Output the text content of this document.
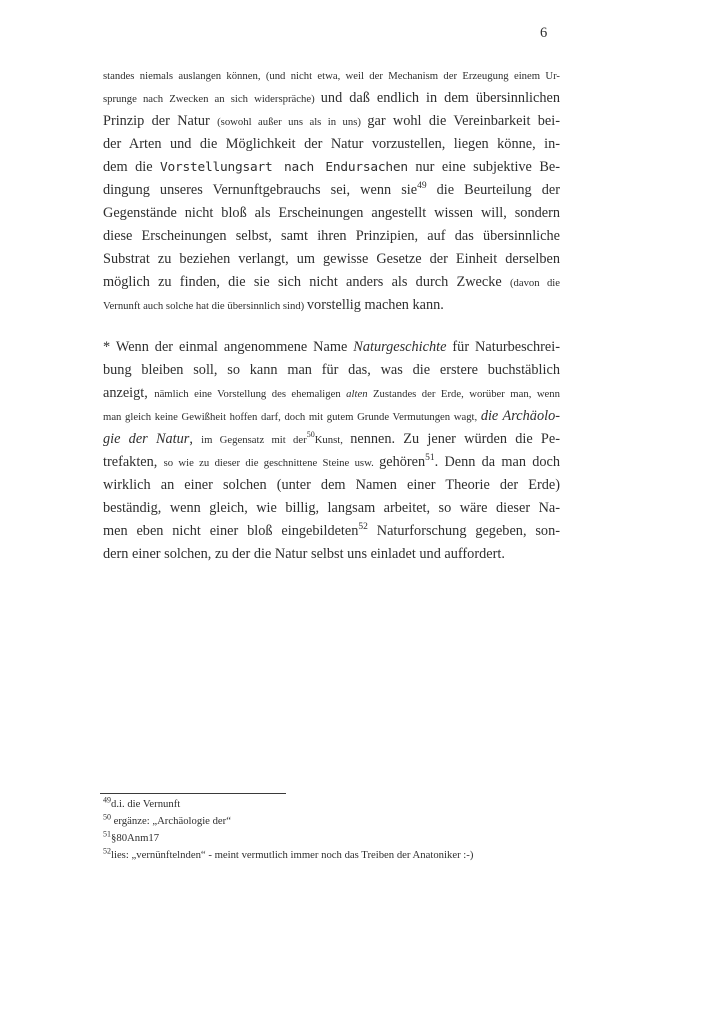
6
standes niemals auslangen können, (und nicht etwa, weil der Mechanism der Erzeugung einem Ur-
sprunge nach Zwecken an sich widerspräche) und daß endlich in dem übersinnlichen
Prinzip der Natur (sowohl außer uns als in uns) gar wohl die Vereinbarkeit bei-
der Arten und die Möglichkeit der Natur vorzustellen, liegen könne, in-
dem die Vorstellungsart nach Endursachen nur eine subjektive Be-
dingung unseres Vernunftgebrauchs sei, wenn sie$^{49}$ die Beurteilung der
Gegenstände nicht bloß als Erscheinungen angestellt wissen will, sondern
diese Erscheinungen selbst, samt ihren Prinzipien, auf das übersinnliche
Substrat zu beziehen verlangt, um gewisse Gesetze der Einheit derselben
möglich zu finden, die sie sich nicht anders als durch Zwecke (davon die
Vernunft auch solche hat die übersinnlich sind) vorstellig machen kann.
* Wenn der einmal angenommene Name Naturgeschichte für Naturbeschrei-
bung bleiben soll, so kann man für das, was die erstere buchstäblich
anzeigt, nämlich eine Vorstellung des ehemaligen alten Zustandes der Erde, worüber man, wenn
man gleich keine Gewißheit hoffen darf, doch mit gutem Grunde Vermutungen wagt, die Archäolo-
gie der Natur, im Gegensatz mit der$^{50}$Kunst, nennen. Zu jener würden die Pe-
trefakten, so wie zu dieser die geschnittene Steine usw. gehören$^{51}$. Denn da man doch
wirklich an einer solchen (unter dem Namen einer Theorie der Erde)
beständig, wenn gleich, wie billig, langsam arbeitet, so wäre dieser Na-
men eben nicht einer bloß eingebildeten$^{52}$ Naturforschung gegeben, son-
dern einer solchen, zu der die Natur selbst uns einladet und auffordert.
$^{49}$d.i. die Vernunft
$^{50}$ ergänze: „Archäologie der“
$^{51}$§80Anm17
$^{52}$lies: „vernünftelnden“ - meint vermutlich immer noch das Treiben der Anatoniker :-)
